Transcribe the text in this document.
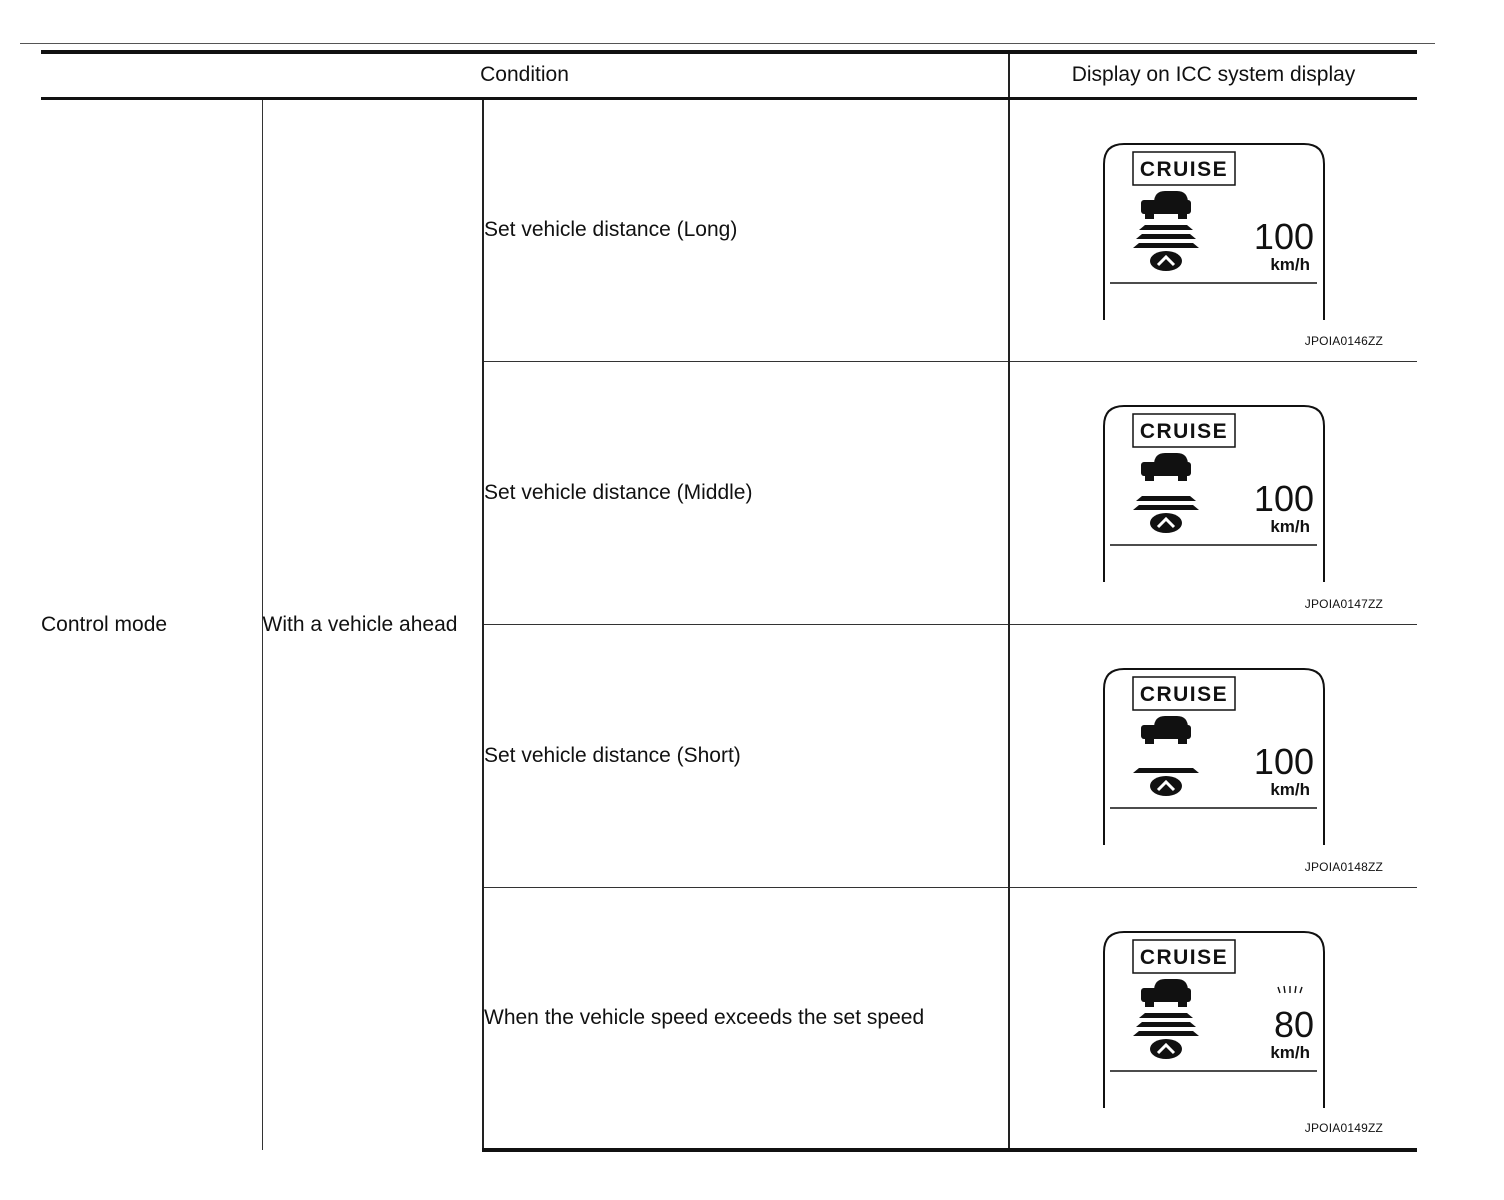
Condition			Display on ICC system display
Control mode	With a vehicle ahead	Set vehicle distance (Long)	CRUISE
100
km/h
JPOIA0146ZZ

		Set vehicle distance (Middle)	CRUISE
100
km/h
JPOIA0147ZZ

		Set vehicle distance (Short)	CRUISE
100
km/h
JPOIA0148ZZ

		When the vehicle speed exceeds the set speed	CRUISE
80
km/h
JPOIA0149ZZ
